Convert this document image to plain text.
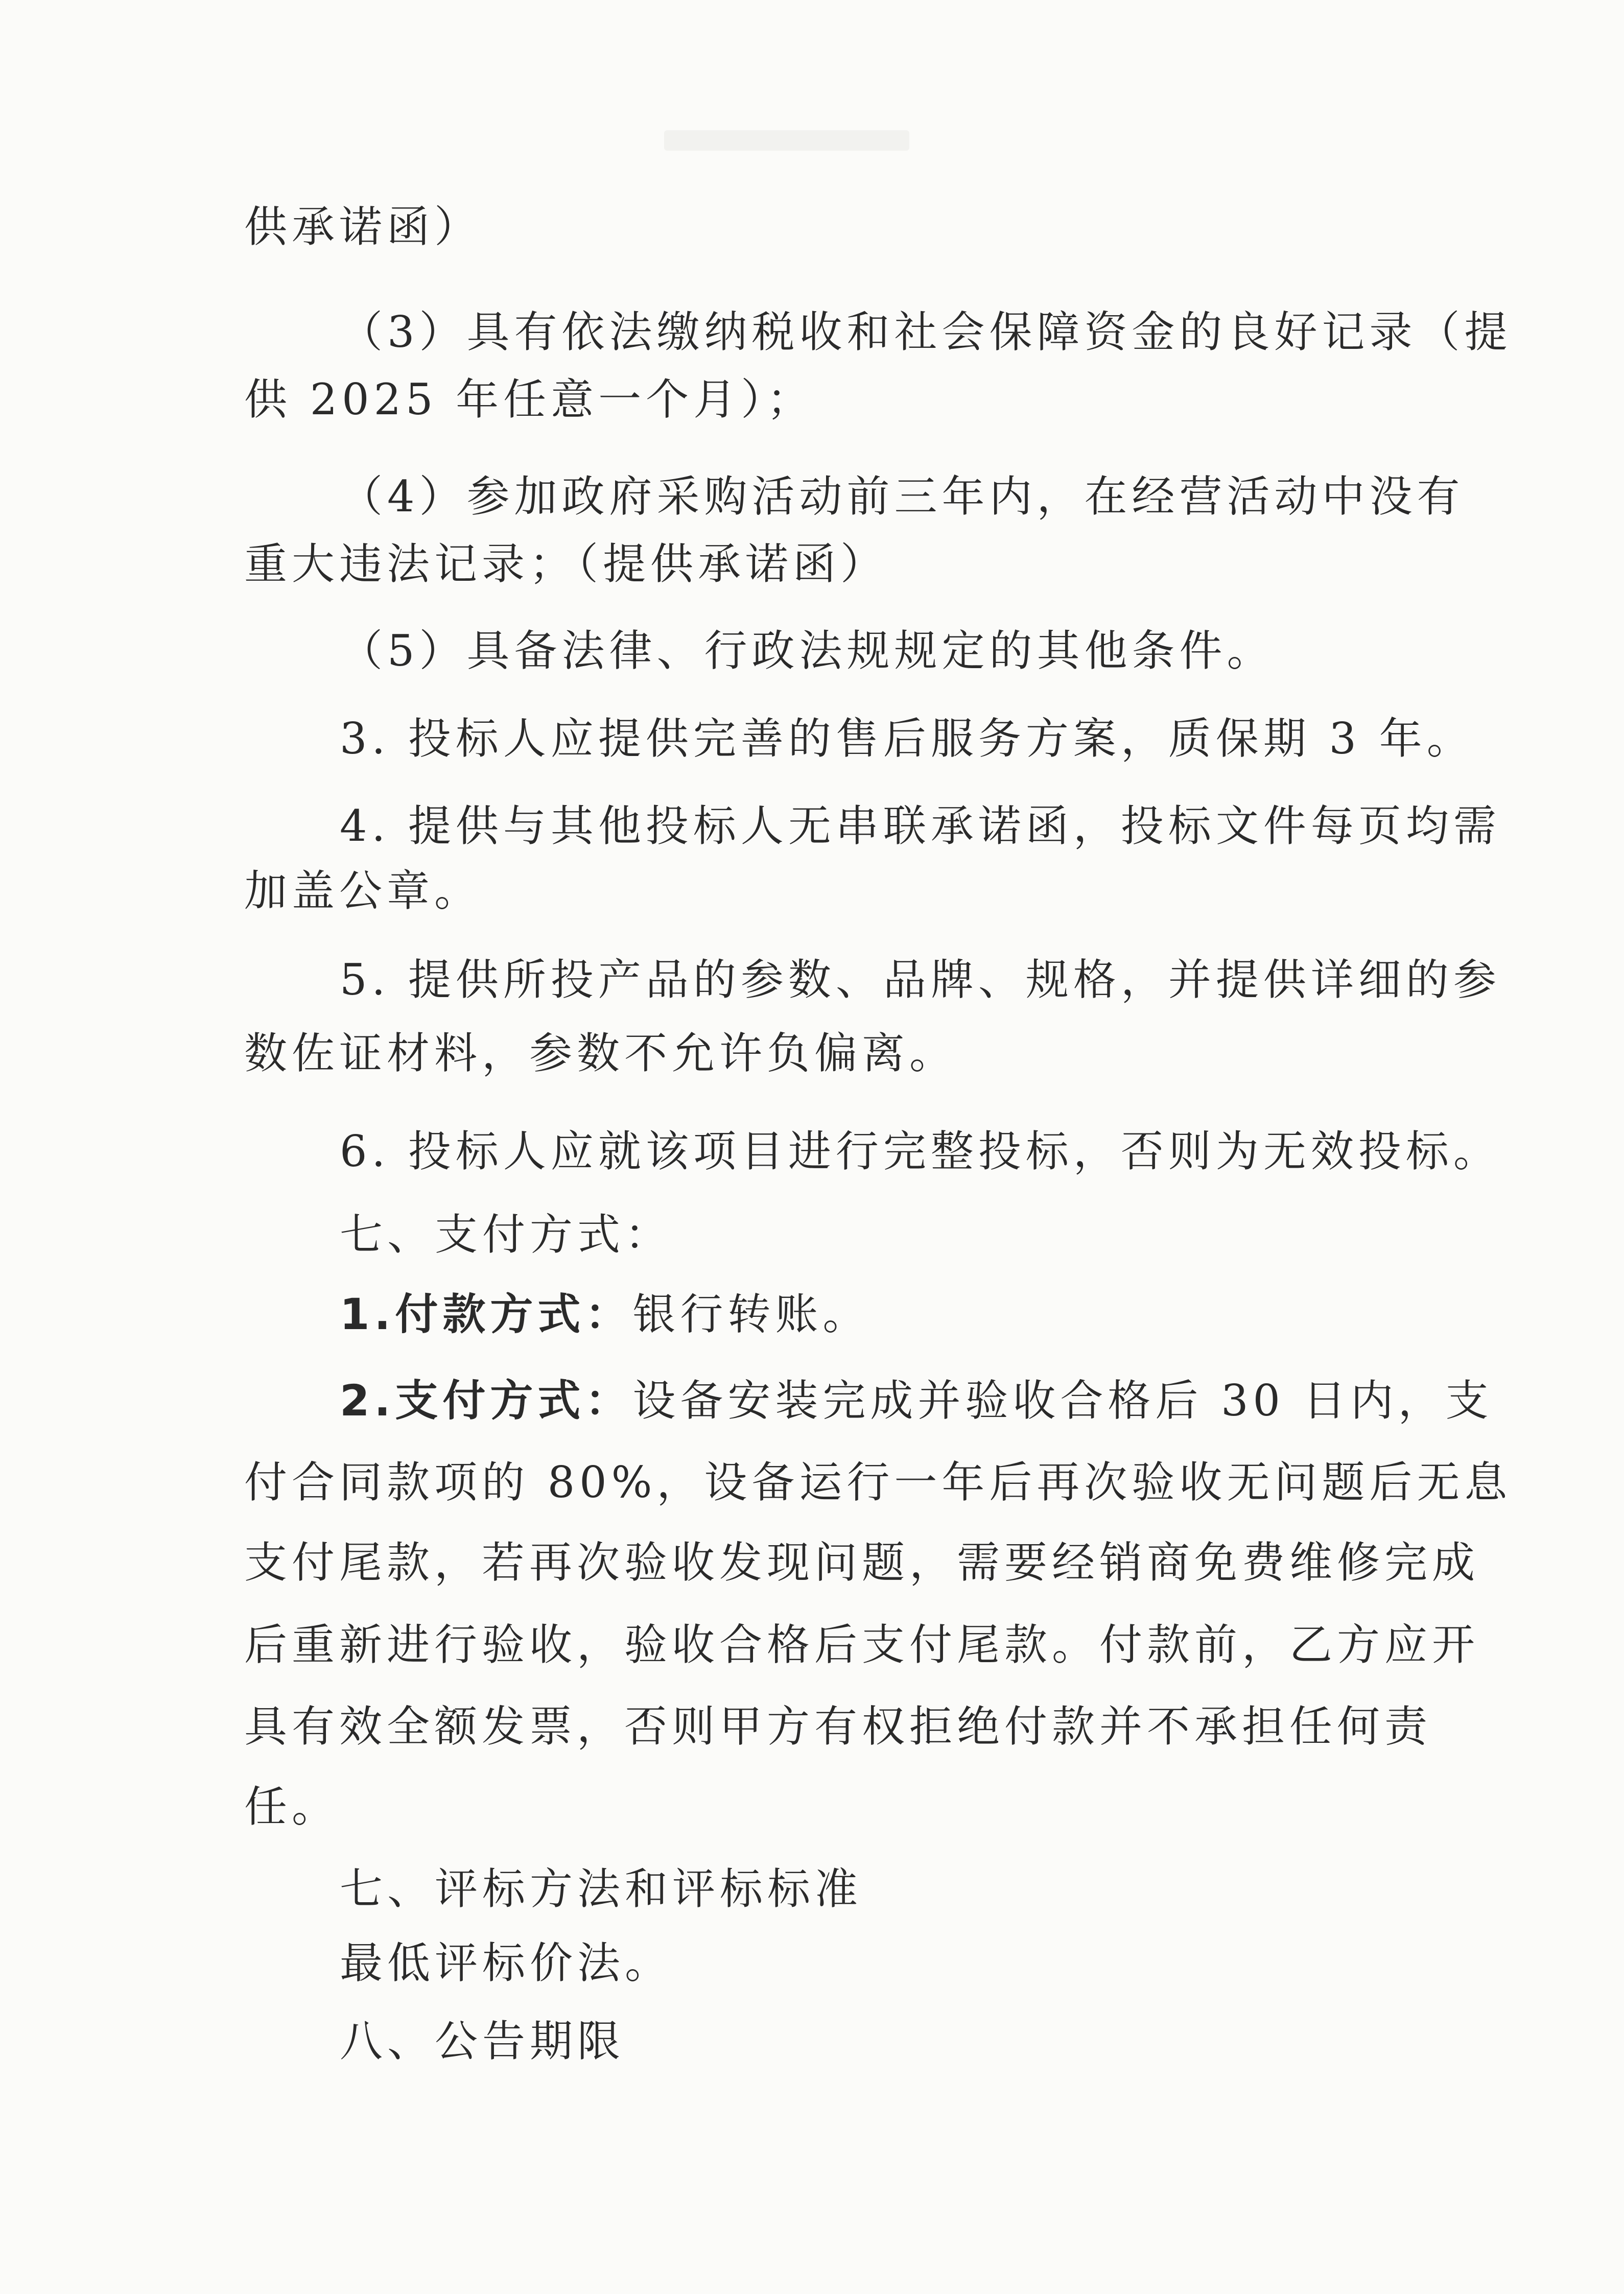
供承诺函）
（3）具有依法缴纳税收和社会保障资金的良好记录（提
供 2025 年任意一个月）；
（4）参加政府采购活动前三年内，在经营活动中没有
重大违法记录；（提供承诺函）
（5）具备法律、行政法规规定的其他条件。
3. 投标人应提供完善的售后服务方案，质保期 3 年。
4. 提供与其他投标人无串联承诺函，投标文件每页均需
加盖公章。
5. 提供所投产品的参数、品牌、规格，并提供详细的参
数佐证材料，参数不允许负偏离。
6. 投标人应就该项目进行完整投标，否则为无效投标。
七、支付方式：
1.付款方式：银行转账。
2.支付方式：设备安装完成并验收合格后 30 日内，支
付合同款项的 80%，设备运行一年后再次验收无问题后无息
支付尾款，若再次验收发现问题，需要经销商免费维修完成
后重新进行验收，验收合格后支付尾款。付款前，乙方应开
具有效全额发票，否则甲方有权拒绝付款并不承担任何责
任。
七、评标方法和评标标准
最低评标价法。
八、公告期限
